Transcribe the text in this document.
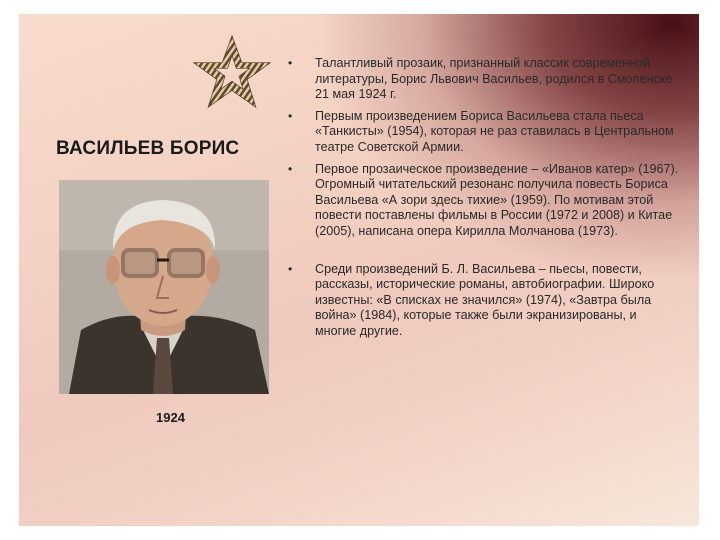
ВАСИЛЬЕВ БОРИС
1924
• Талантливый прозаик, признанный классик современной литературы, Борис Львович Васильев, родился в Смоленске 21 мая 1924 г.
• Первым произведением Бориса Васильева стала пьеса «Танкисты» (1954), которая не раз ставилась в Центральном театре Советской Армии.
• Первое прозаическое произведение – «Иванов катер» (1967). Огромный читательский резонанс получила повесть Бориса Васильева «А зори здесь тихие» (1959). По мотивам этой повести поставлены фильмы в России (1972 и 2008) и Китае (2005), написана опера Кирилла Молчанова (1973).
• Среди произведений Б. Л. Васильева – пьесы, повести, рассказы, исторические романы, автобиографии. Широко известны: «В списках не значился» (1974), «Завтра была война» (1984), которые также были экранизированы, и многие другие.
